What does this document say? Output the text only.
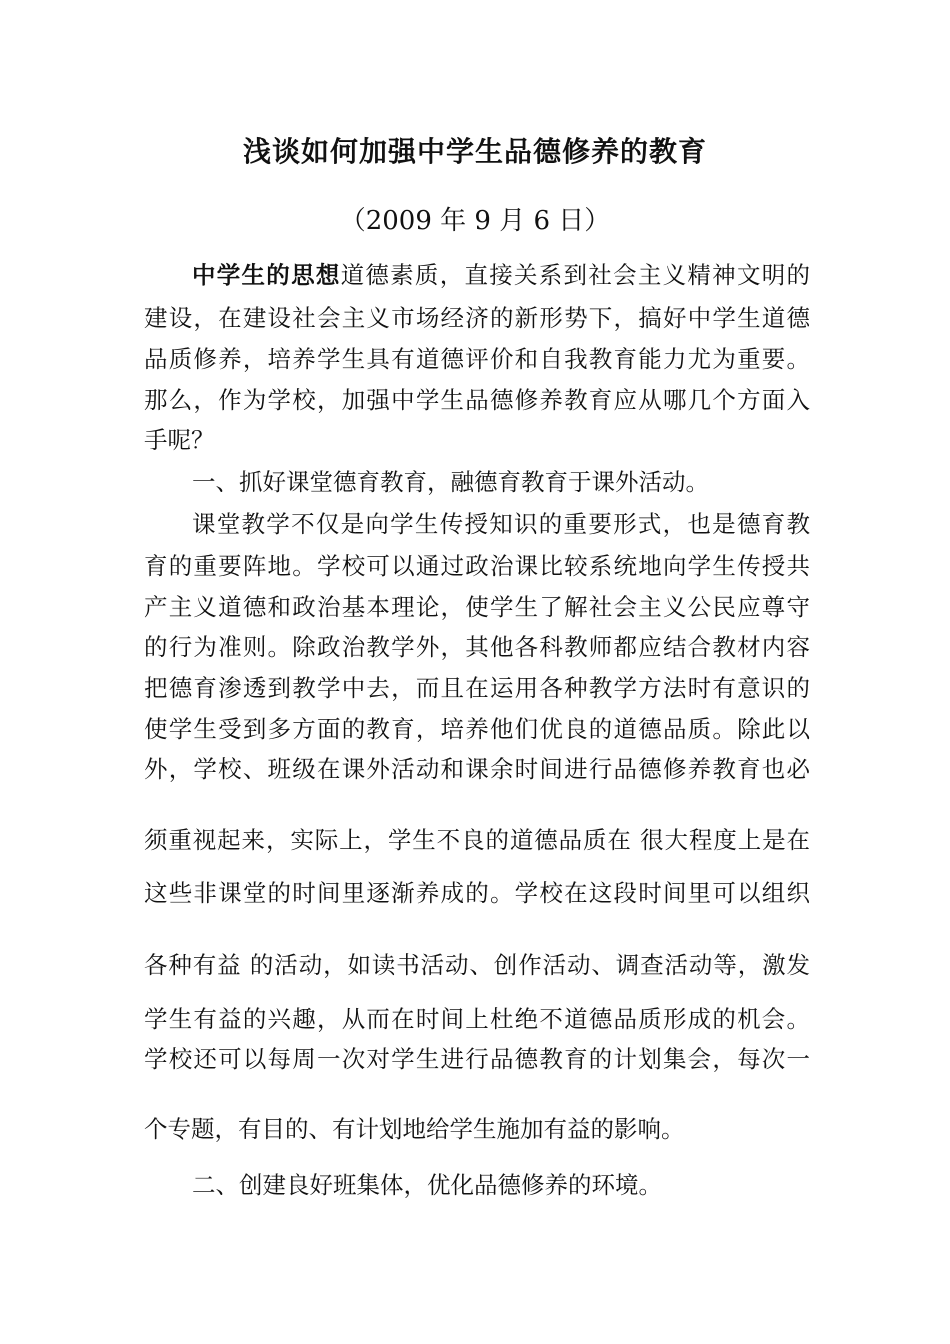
浅谈如何加强中学生品德修养的教育
（2009 年 9 月 6 日）
中学生的思想道德素质，直接关系到社会主义精神文明的
建设，在建设社会主义市场经济的新形势下，搞好中学生道德
品质修养，培养学生具有道德评价和自我教育能力尤为重要。
那么，作为学校，加强中学生品德修养教育应从哪几个方面入
手呢？
一、抓好课堂德育教育，融德育教育于课外活动。
课堂教学不仅是向学生传授知识的重要形式，也是德育教
育的重要阵地。学校可以通过政治课比较系统地向学生传授共
产主义道德和政治基本理论，使学生了解社会主义公民应尊守
的行为准则。除政治教学外，其他各科教师都应结合教材内容
把德育渗透到教学中去，而且在运用各种教学方法时有意识的
使学生受到多方面的教育，培养他们优良的道德品质。除此以
外，学校、班级在课外活动和课余时间进行品德修养教育也必
须重视起来，实际上，学生不良的道德品质在 很大程度上是在
这些非课堂的时间里逐渐养成的。学校在这段时间里可以组织
各种有益 的活动，如读书活动、创作活动、调查活动等，激发
学生有益的兴趣，从而在时间上杜绝不道德品质形成的机会。
学校还可以每周一次对学生进行品德教育的计划集会，每次一
个专题，有目的、有计划地给学生施加有益的影响。
二、创建良好班集体，优化品德修养的环境。
